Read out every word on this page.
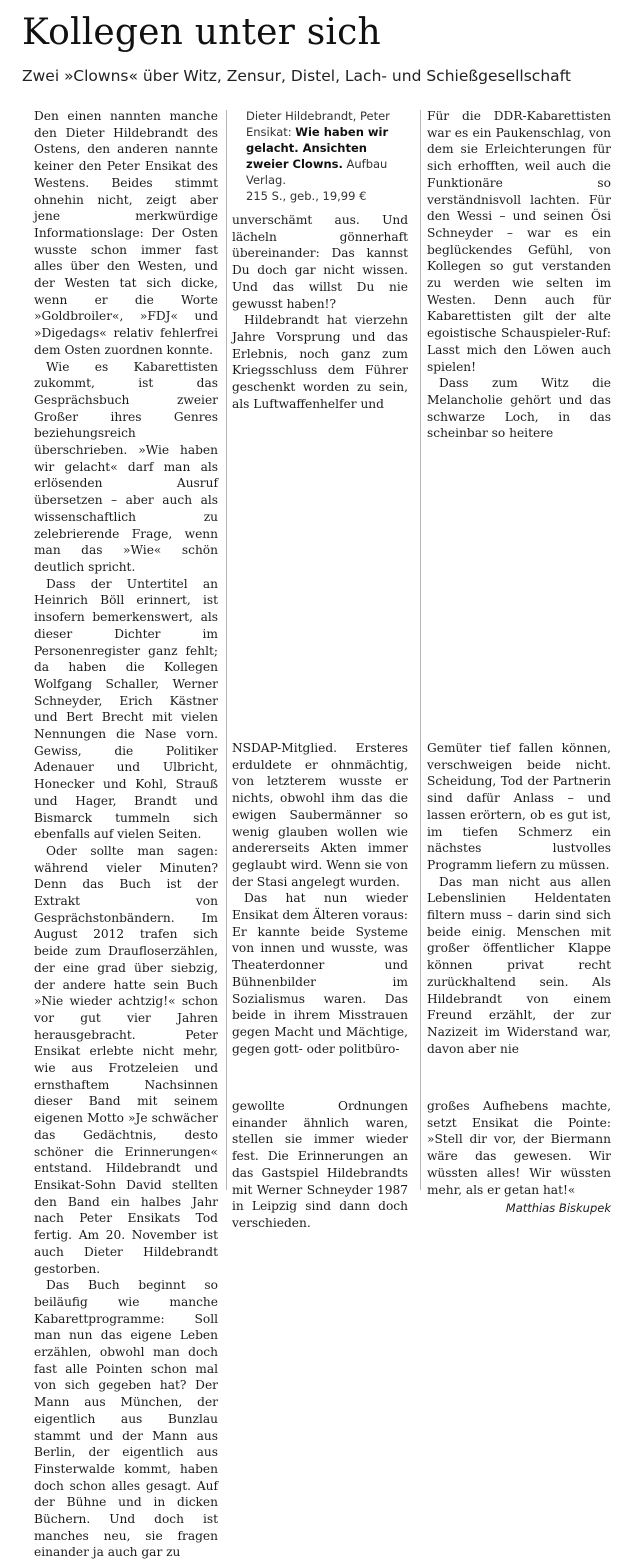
Kollegen unter sich
Zwei »Clowns« über Witz, Zensur, Distel, Lach- und Schießgesellschaft

Den einen nannten manche den Dieter Hildebrandt des Ostens, den anderen nannte keiner den Peter Ensikat des Westens. Beides stimmt ohnehin nicht, zeigt aber jene merkwürdige Informationslage: Der Osten wusste schon immer fast alles über den Westen, und der Westen tat sich dicke, wenn er die Worte »Goldbroiler«, »FDJ« und »Digedags« relativ fehlerfrei dem Osten zuordnen konnte.

Wie es Kabarettisten zukommt, ist das Gesprächsbuch zweier Großer ihres Genres beziehungsreich überschrieben. »Wie haben wir gelacht« darf man als erlösenden Ausruf übersetzen – aber auch als wissenschaftlich zu zelebrierende Frage, wenn man das »Wie« schön deutlich spricht.

Dass der Untertitel an Heinrich Böll erinnert, ist insofern bemerkenswert, als dieser Dichter im Personenregister ganz fehlt; da haben die Kollegen Wolfgang Schaller, Werner Schneyder, Erich Kästner und Bert Brecht mit vielen Nennungen die Nase vorn. Gewiss, die Politiker Adenauer und Ulbricht, Honecker und Kohl, Strauß und Hager, Brandt und Bismarck tummeln sich ebenfalls auf vielen Seiten.

Oder sollte man sagen: während vieler Minuten? Denn das Buch ist der Extrakt von Gesprächstonbändern. Im August 2012 trafen sich beide zum Draufloserzählen, der eine grad über siebzig, der andere hatte sein Buch »Nie wieder achtzig!« schon vor gut vier Jahren herausgebracht. Peter Ensikat erlebte nicht mehr, wie aus Frotzeleien und ernsthaftem Nachsinnen dieser Band mit seinem eigenen Motto »Je schwächer das Gedächtnis, desto schöner die Erinnerungen« entstand. Hildebrandt und Ensikat-Sohn David stellten den Band ein halbes Jahr nach Peter Ensikats Tod fertig. Am 20. November ist auch Dieter Hildebrandt gestorben.

Das Buch beginnt so beiläufig wie manche Kabarettprogramme: Soll man nun das eigene Leben erzählen, obwohl man doch fast alle Pointen schon mal von sich gegeben hat? Der Mann aus München, der eigentlich aus Bunzlau stammt und der Mann aus Berlin, der eigentlich aus Finsterwalde kommt, haben doch schon alles gesagt. Auf der Bühne und in dicken Büchern. Und doch ist manches neu, sie fragen einander ja auch gar zu

Dieter Hildebrandt, Peter Ensikat: Wie haben wir gelacht. Ansichten zweier Clowns. Aufbau Verlag.
215 S., geb., 19,99 €

unverschämt aus. Und lächeln gönnerhaft übereinander: Das kannst Du doch gar nicht wissen. Und das willst Du nie gewusst haben!?

Hildebrandt hat vierzehn Jahre Vorsprung und das Erlebnis, noch ganz zum Kriegsschluss dem Führer geschenkt worden zu sein, als Luftwaffenhelfer und

Für die DDR-Kabarettisten war es ein Paukenschlag, von dem sie Erleichterungen für sich erhofften, weil auch die Funktionäre so verständnisvoll lachten. Für den Wessi – und seinen Ösi Schneyder – war es ein beglückendes Gefühl, von Kollegen so gut verstanden zu werden wie selten im Westen. Denn auch für Kabarettisten gilt der alte egoistische Schauspieler-Ruf: Lasst mich den Löwen auch spielen!

Dass zum Witz die Melancholie gehört und das schwarze Loch, in das scheinbar so heitere

NSDAP-Mitglied. Ersteres erduldete er ohnmächtig, von letzterem wusste er nichts, obwohl ihm das die ewigen Saubermänner so wenig glauben wollen wie andererseits Akten immer geglaubt wird. Wenn sie von der Stasi angelegt wurden.

Das hat nun wieder Ensikat dem Älteren voraus: Er kannte beide Systeme von innen und wusste, was Theaterdonner und Bühnenbilder im Sozialismus waren. Das beide in ihrem Misstrauen gegen Macht und Mächtige, gegen gott- oder politbüro-

Gemüter tief fallen können, verschweigen beide nicht. Scheidung, Tod der Partnerin sind dafür Anlass – und lassen erörtern, ob es gut ist, im tiefen Schmerz ein nächstes lustvolles Programm liefern zu müssen.

Das man nicht aus allen Lebenslinien Heldentaten filtern muss – darin sind sich beide einig. Menschen mit großer öffentlicher Klappe können privat recht zurückhaltend sein. Als Hildebrandt von einem Freund erzählt, der zur Nazizeit im Widerstand war, davon aber nie

gewollte Ordnungen einander ähnlich waren, stellen sie immer wieder fest. Die Erinnerungen an das Gastspiel Hildebrandts mit Werner Schneyder 1987 in Leipzig sind dann doch verschieden.

großes Aufhebens machte, setzt Ensikat die Pointe: »Stell dir vor, der Biermann wäre das gewesen. Wir wüssten alles! Wir wüssten mehr, als er getan hat!«

Matthias Biskupek
